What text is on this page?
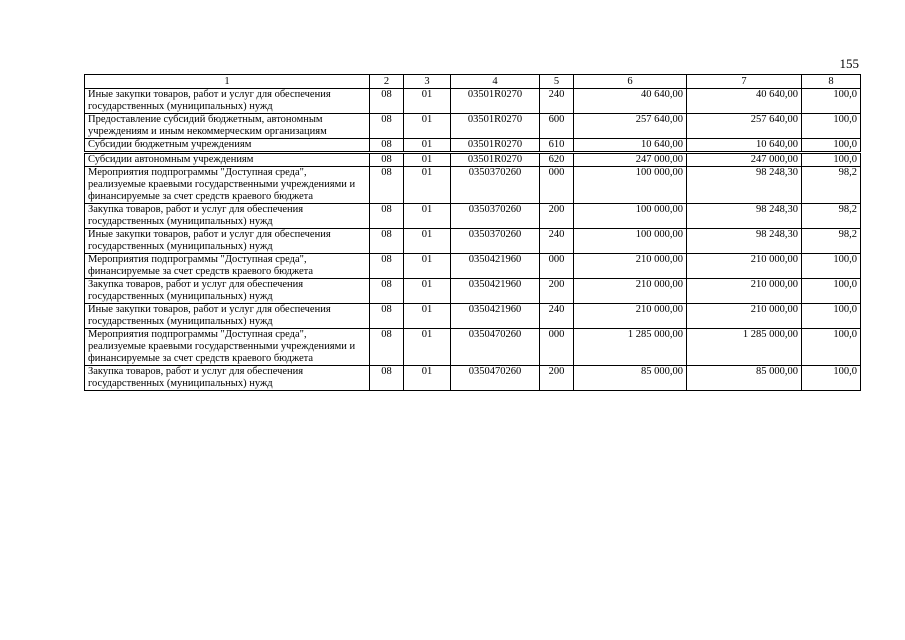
155
1	2	3	4	5	6	7	8
Иные закупки товаров, работ и услуг для обеспечения государственных (муниципальных) нужд	08	01	03501R0270	240	40 640,00	40 640,00	100,0
Предоставление субсидий бюджетным, автономным учреждениям и иным некоммерческим организациям	08	01	03501R0270	600	257 640,00	257 640,00	100,0
Субсидии бюджетным учреждениям	08	01	03501R0270	610	10 640,00	10 640,00	100,0

Субсидии автономным учреждениям	08	01	03501R0270	620	247 000,00	247 000,00	100,0
Мероприятия подпрограммы "Доступная среда", реализуемые краевыми государственными учреждениями и финансируемые за счет средств краевого бюджета	08	01	0350370260	000	100 000,00	98 248,30	98,2
Закупка товаров, работ и услуг для обеспечения государственных (муниципальных) нужд	08	01	0350370260	200	100 000,00	98 248,30	98,2
Иные закупки товаров, работ и услуг для обеспечения государственных (муниципальных) нужд	08	01	0350370260	240	100 000,00	98 248,30	98,2
Мероприятия подпрограммы "Доступная среда", финансируемые за счет средств краевого бюджета	08	01	0350421960	000	210 000,00	210 000,00	100,0
Закупка товаров, работ и услуг для обеспечения государственных (муниципальных) нужд	08	01	0350421960	200	210 000,00	210 000,00	100,0
Иные закупки товаров, работ и услуг для обеспечения государственных (муниципальных) нужд	08	01	0350421960	240	210 000,00	210 000,00	100,0
Мероприятия подпрограммы "Доступная среда", реализуемые краевыми государственными учреждениями и финансируемые за счет средств краевого бюджета	08	01	0350470260	000	1 285 000,00	1 285 000,00	100,0
Закупка товаров, работ и услуг для обеспечения государственных (муниципальных) нужд	08	01	0350470260	200	85 000,00	85 000,00	100,0
